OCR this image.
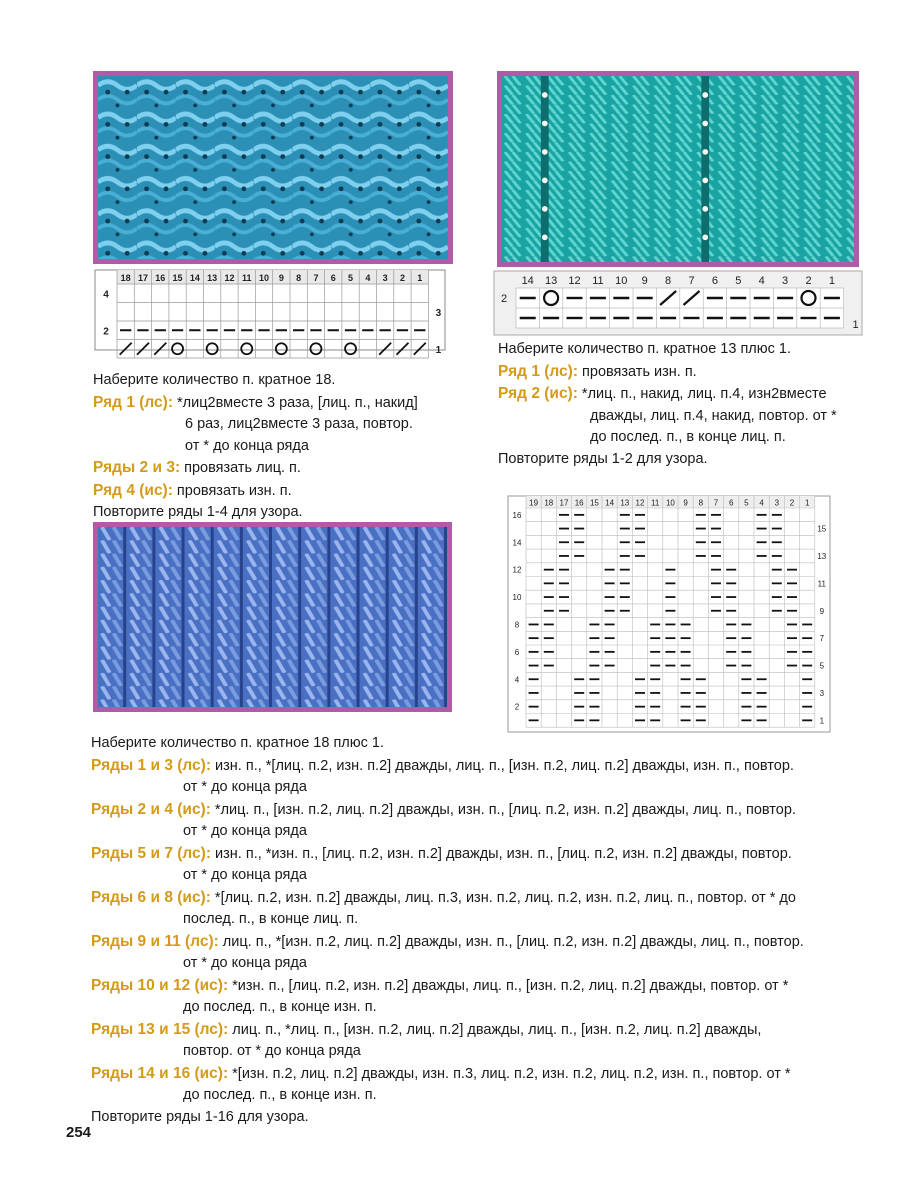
18 17 16 15 14 13 12 11 10 9 8 7 6 5 4 3 2 1
4
2
3
1
14 13 12 11 10 9 8 7 6 5 4 3 2 1
2
1
19 18 17 16 15 14 13 12 11 10 9 8 7 6 5 4 3 2 1
16
14
12
10
8
6
4
2
15
13
11
9
7
5
3
1
Наберите количество п. кратное 18.
Ряд 1 (лс): *лиц2вместе 3 раза, [лиц. п., накид]
6 раз, лиц2вместе 3 раза, повтор.
от * до конца ряда
Ряды 2 и 3: провязать лиц. п.
Ряд 4 (ис): провязать изн. п.
Повторите ряды 1-4 для узора.
Наберите количество п. кратное 13 плюс 1.
Ряд 1 (лс): провязать изн. п.
Ряд 2 (ис): *лиц. п., накид, лиц. п.4, изн2вместе
дважды, лиц. п.4, накид, повтор. от *
до послед. п., в конце лиц. п.
Повторите ряды 1-2 для узора.
Наберите количество п. кратное 18 плюс 1.
Ряды 1 и 3 (лс): изн. п., *[лиц. п.2, изн. п.2] дважды, лиц. п., [изн. п.2, лиц. п.2] дважды, изн. п., повтор.
от * до конца ряда
Ряды 2 и 4 (ис): *лиц. п., [изн. п.2, лиц. п.2] дважды, изн. п., [лиц. п.2, изн. п.2] дважды, лиц. п., повтор.
от * до конца ряда
Ряды 5 и 7 (лс): изн. п., *изн. п., [лиц. п.2, изн. п.2] дважды, изн. п., [лиц. п.2, изн. п.2] дважды, повтор.
от * до конца ряда
Ряды 6 и 8 (ис): *[лиц. п.2, изн. п.2] дважды, лиц. п.3, изн. п.2, лиц. п.2, изн. п.2, лиц. п., повтор. от * до
послед. п., в конце лиц. п.
Ряды 9 и 11 (лс): лиц. п., *[изн. п.2, лиц. п.2] дважды, изн. п., [лиц. п.2, изн. п.2] дважды, лиц. п., повтор.
от * до конца ряда
Ряды 10 и 12 (ис): *изн. п., [лиц. п.2, изн. п.2] дважды, лиц. п., [изн. п.2, лиц. п.2] дважды, повтор. от *
до послед. п., в конце изн. п.
Ряды 13 и 15 (лс): лиц. п., *лиц. п., [изн. п.2, лиц. п.2] дважды, лиц. п., [изн. п.2, лиц. п.2] дважды,
повтор. от * до конца ряда
Ряды 14 и 16 (ис): *[изн. п.2, лиц. п.2] дважды, изн. п.3, лиц. п.2, изн. п.2, лиц. п.2, изн. п., повтор. от *
до послед. п., в конце изн. п.
Повторите ряды 1-16 для узора.
254
